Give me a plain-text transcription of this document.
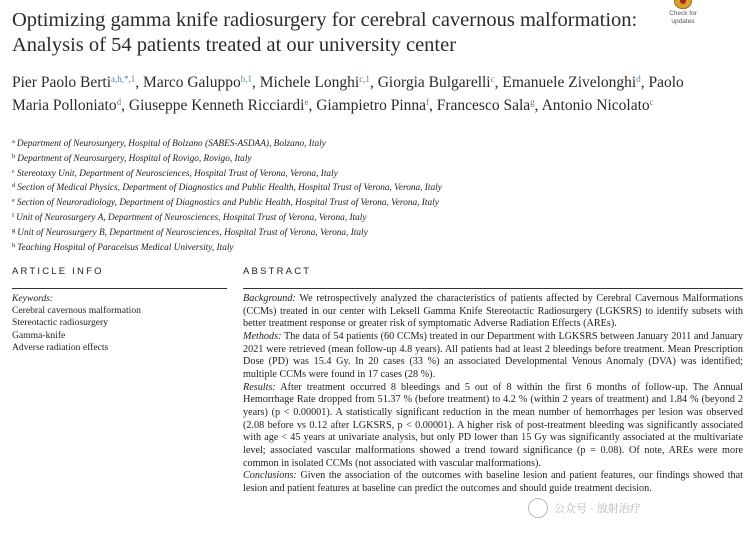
Optimizing gamma knife radiosurgery for cerebral cavernous malformation: Analysis of 54 patients treated at our university center
Check for
updates
Pier Paolo Berti$^{a,h,*,1}$, Marco Galuppo$^{b,1}$, Michele Longhi$^{c,1}$, Giorgia Bulgarelli$^c$, Emanuele Zivelonghi$^d$, Paolo Maria Polloniato$^d$, Giuseppe Kenneth Ricciardi$^e$, Giampietro Pinna$^f$, Francesco Sala$^g$, Antonio Nicolato$^c$
$^a$ Department of Neurosurgery, Hospital of Bolzano (SABES-ASDAA), Bolzano, Italy
$^b$ Department of Neurosurgery, Hospital of Rovigo, Rovigo, Italy
$^c$ Stereotaxy Unit, Department of Neurosciences, Hospital Trust of Verona, Verona, Italy
$^d$ Section of Medical Physics, Department of Diagnostics and Public Health, Hospital Trust of Verona, Verona, Italy
$^e$ Section of Neuroradiology, Department of Diagnostics and Public Health, Hospital Trust of Verona, Verona, Italy
$^f$ Unit of Neurosurgery A, Department of Neurosciences, Hospital Trust of Verona, Verona, Italy
$^g$ Unit of Neurosurgery B, Department of Neurosciences, Hospital Trust of Verona, Verona, Italy
$^h$ Teaching Hospital of Paracelsus Medical University, Italy
ARTICLE INFO	ABSTRACT
Keywords:
Cerebral cavernous malformation
Stereotactic radiosurgery
Gamma-knife
Adverse radiation effects

Background: We retrospectively analyzed the characteristics of patients affected by Cerebral Cavernous Malformations (CCMs) treated in our center with Leksell Gamma Knife Stereotactic Radiosurgery (LGKSRS) to identify subsets with better treatment response or greater risk of symptomatic Adverse Radiation Effects (AREs).

Methods: The data of 54 patients (60 CCMs) treated in our Department with LGKSRS between January 2011 and January 2021 were retrieved (mean follow-up 4.8 years). All patients had at least 2 bleedings before treatment. Mean Prescription Dose (PD) was 15.4 Gy. In 20 cases (33 %) an associated Developmental Venous Anomaly (DVA) was identified; multiple CCMs were found in 17 cases (28 %).

Results: After treatment occurred 8 bleedings and 5 out of 8 within the first 6 months of follow-up. The Annual Hemorrhage Rate dropped from 51.37 % (before treatment) to 4.2 % (within 2 years of treatment) and 1.84 % (beyond 2 years) (p < 0.00001). A statistically significant reduction in the mean number of hemorrhages per lesion was observed (2.08 before vs 0.12 after LGKSRS, p < 0.00001). A higher risk of post-treatment bleeding was significantly associated with age < 45 years at univariate analysis, but only PD lower than 15 Gy was significantly associated at the multivariate level; associated vascular malformations showed a trend toward significance (p = 0.08). Of note, AREs were more common in isolated CCMs (not associated with vascular malformations).

Conclusions: Given the association of the outcomes with baseline lesion and patient features, our findings showed that lesion and patient features at baseline can predict the outcomes and should guide treatment decision.

公众号 · 放射治疗
